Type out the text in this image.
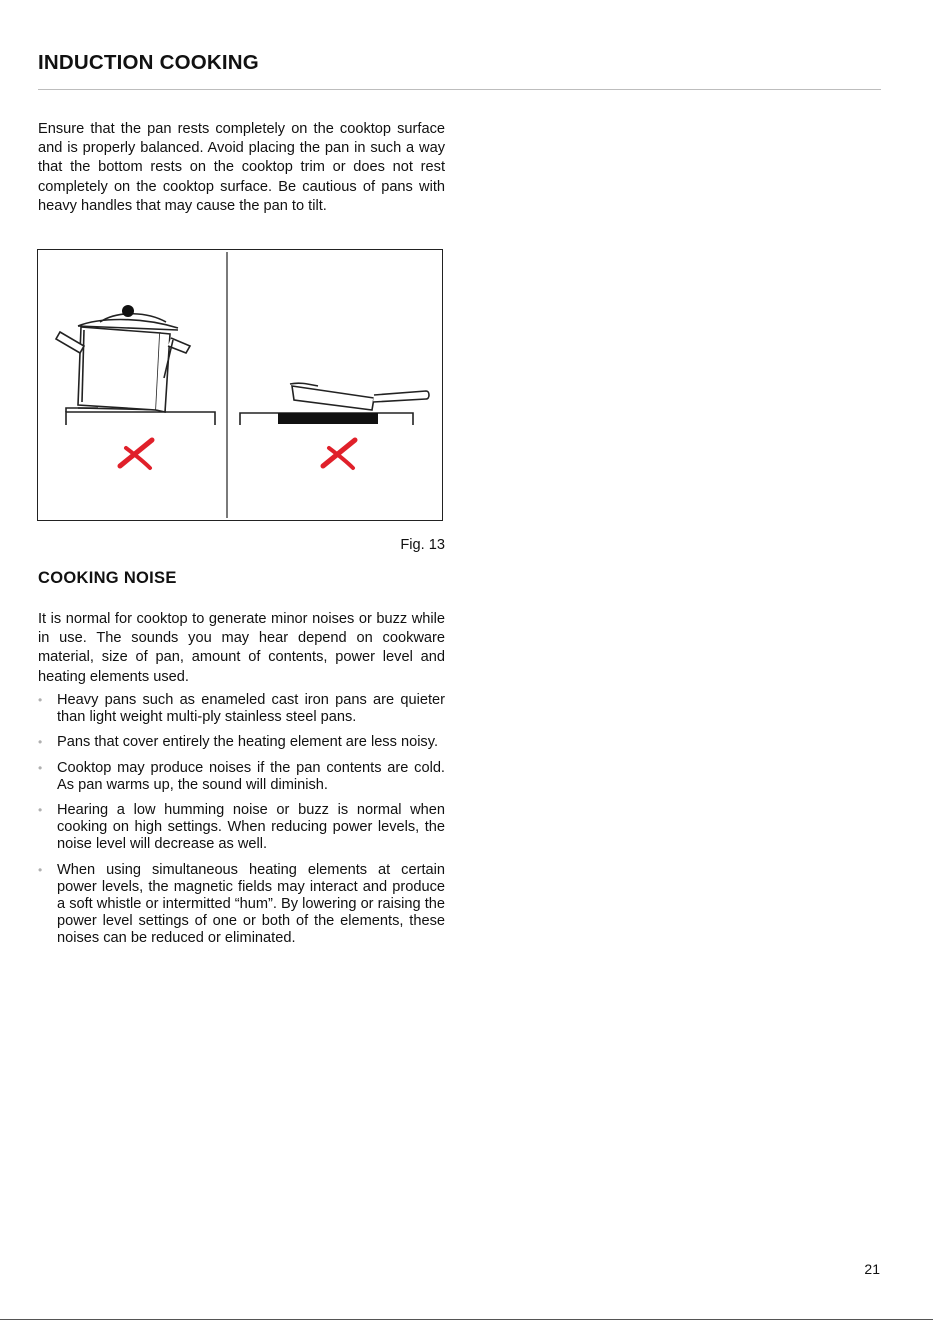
INDUCTION COOKING

Ensure that the pan rests completely on the cooktop surface and is properly balanced. Avoid placing the pan in such a way that the bottom rests on the cooktop trim or does not rest completely on the cooktop surface. Be cautious of pans with heavy handles that may cause the pan to tilt.

Fig. 13

COOKING NOISE

It is normal for cooktop to generate minor noises or buzz while in use. The sounds you may hear depend on cookware material, size of pan, amount of contents, power level and heating elements used.

• Heavy pans such as enameled cast iron pans are quieter than light weight multi-ply stainless steel pans.
• Pans that cover entirely the heating element are less noisy.
• Cooktop may produce noises if the pan contents are cold. As pan warms up, the sound will diminish.
• Hearing a low humming noise or buzz is normal when cooking on high settings. When reducing power levels, the noise level will decrease as well.
• When using simultaneous heating elements at certain power levels, the magnetic fields may interact and produce a soft whistle or intermitted “hum”. By lowering or raising the power level settings of one or both of the elements, these noises can be reduced or eliminated.

21
